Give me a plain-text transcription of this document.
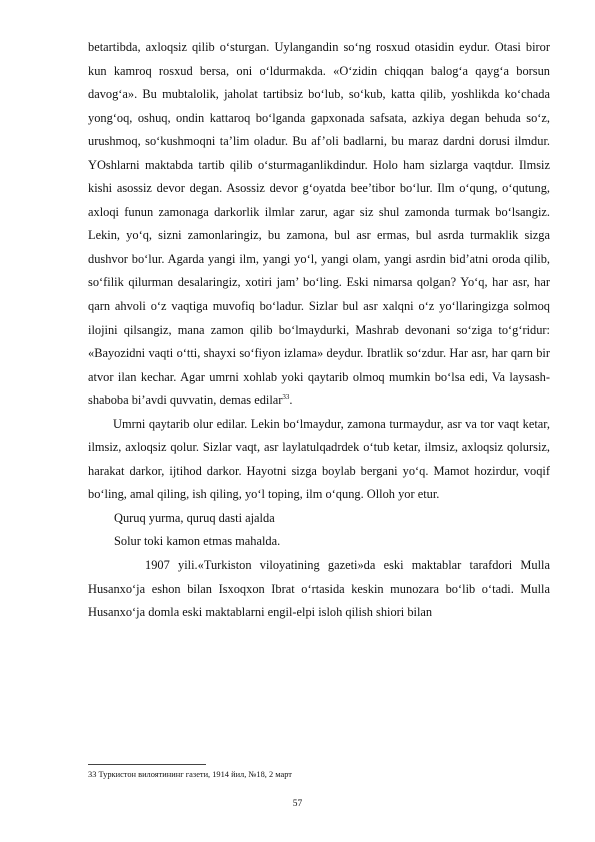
betartibda, axloqsiz qilib o‘sturgan. Uylangandin so‘ng rosxud otasidin eydur. Otasi biror kun kamroq rosxud bersa, oni o‘ldurmakda. «O‘zidin chiqqan balog‘a qayg‘a borsun davog‘a». Bu mubtalolik, jaholat tartibsiz bo‘lub, so‘kub, katta qilib, yoshlikda ko‘chada yong‘oq, oshuq, ondin kattaroq bo‘lganda gapxonada safsata, azkiya degan behuda so‘z, urushmoq, so‘kushmoqni ta’lim oladur. Bu af’oli badlarni, bu maraz dardni dorusi ilmdur. YOshlarni maktabda tartib qilib o‘sturmaganlikdindur. Holo ham sizlarga vaqtdur. Ilmsiz kishi asossiz devor degan. Asossiz devor g‘oyatda bee’tibor bo‘lur. Ilm o‘qung, o‘qutung, axloqi funun zamonaga darkorlik ilmlar zarur, agar siz shul zamonda turmak bo‘lsangiz. Lekin, yo‘q, sizni zamonlaringiz, bu zamona, bul asr ermas, bul asrda turmaklik sizga dushvor bo‘lur. Agarda yangi ilm, yangi yo‘l, yangi olam, yangi asrdin bid’atni oroda qilib, so‘filik qilurman desalaringiz, xotiri jam’ bo‘ling. Eski nimarsa qolgan? Yo‘q, har asr, har qarn ahvoli o‘z vaqtiga muvofiq bo‘ladur. Sizlar bul asr xalqni o‘z yo‘llaringizga solmoq ilojini qilsangiz, mana zamon qilib bo‘lmaydurki, Mashrab devonani so‘ziga to‘g‘ridur: «Bayozidni vaqti o‘tti, shayxi so‘fiyon izlama» deydur. Ibratlik so‘zdur. Har asr, har qarn bir atvor ilan kechar. Agar umrni xohlab yoki qaytarib olmoq mumkin bo‘lsa edi, Va laysash-shaboba bi’avdi quvvatin, demas edilar$^{33}$.

Umrni qaytarib olur edilar. Lekin bo‘lmaydur, zamona turmaydur, asr va tor vaqt ketar, ilmsiz, axloqsiz qolur. Sizlar vaqt, asr laylatulqadrdek o‘tub ketar, ilmsiz, axloqsiz qolursiz, harakat darkor, ijtihod darkor. Hayotni sizga boylab bergani yo‘q. Mamot hozirdur, voqif bo‘ling, amal qiling, ish qiling, yo‘l toping, ilm o‘qung. Olloh yor etur.

Quruq yurma, quruq dasti ajalda

Solur toki kamon etmas mahalda.

1907 yili.«Turkiston viloyatining gazeti»da eski maktablar tarafdori Mulla Husanxo‘ja eshon bilan Isxoqxon Ibrat o‘rtasida keskin munozara bo‘lib o‘tadi. Mulla Husanxo‘ja domla eski maktablarni engil-elpi isloh qilish shiori bilan

33 Туркистон вилоятининг газети, 1914 йил, №18, 2 март
57
